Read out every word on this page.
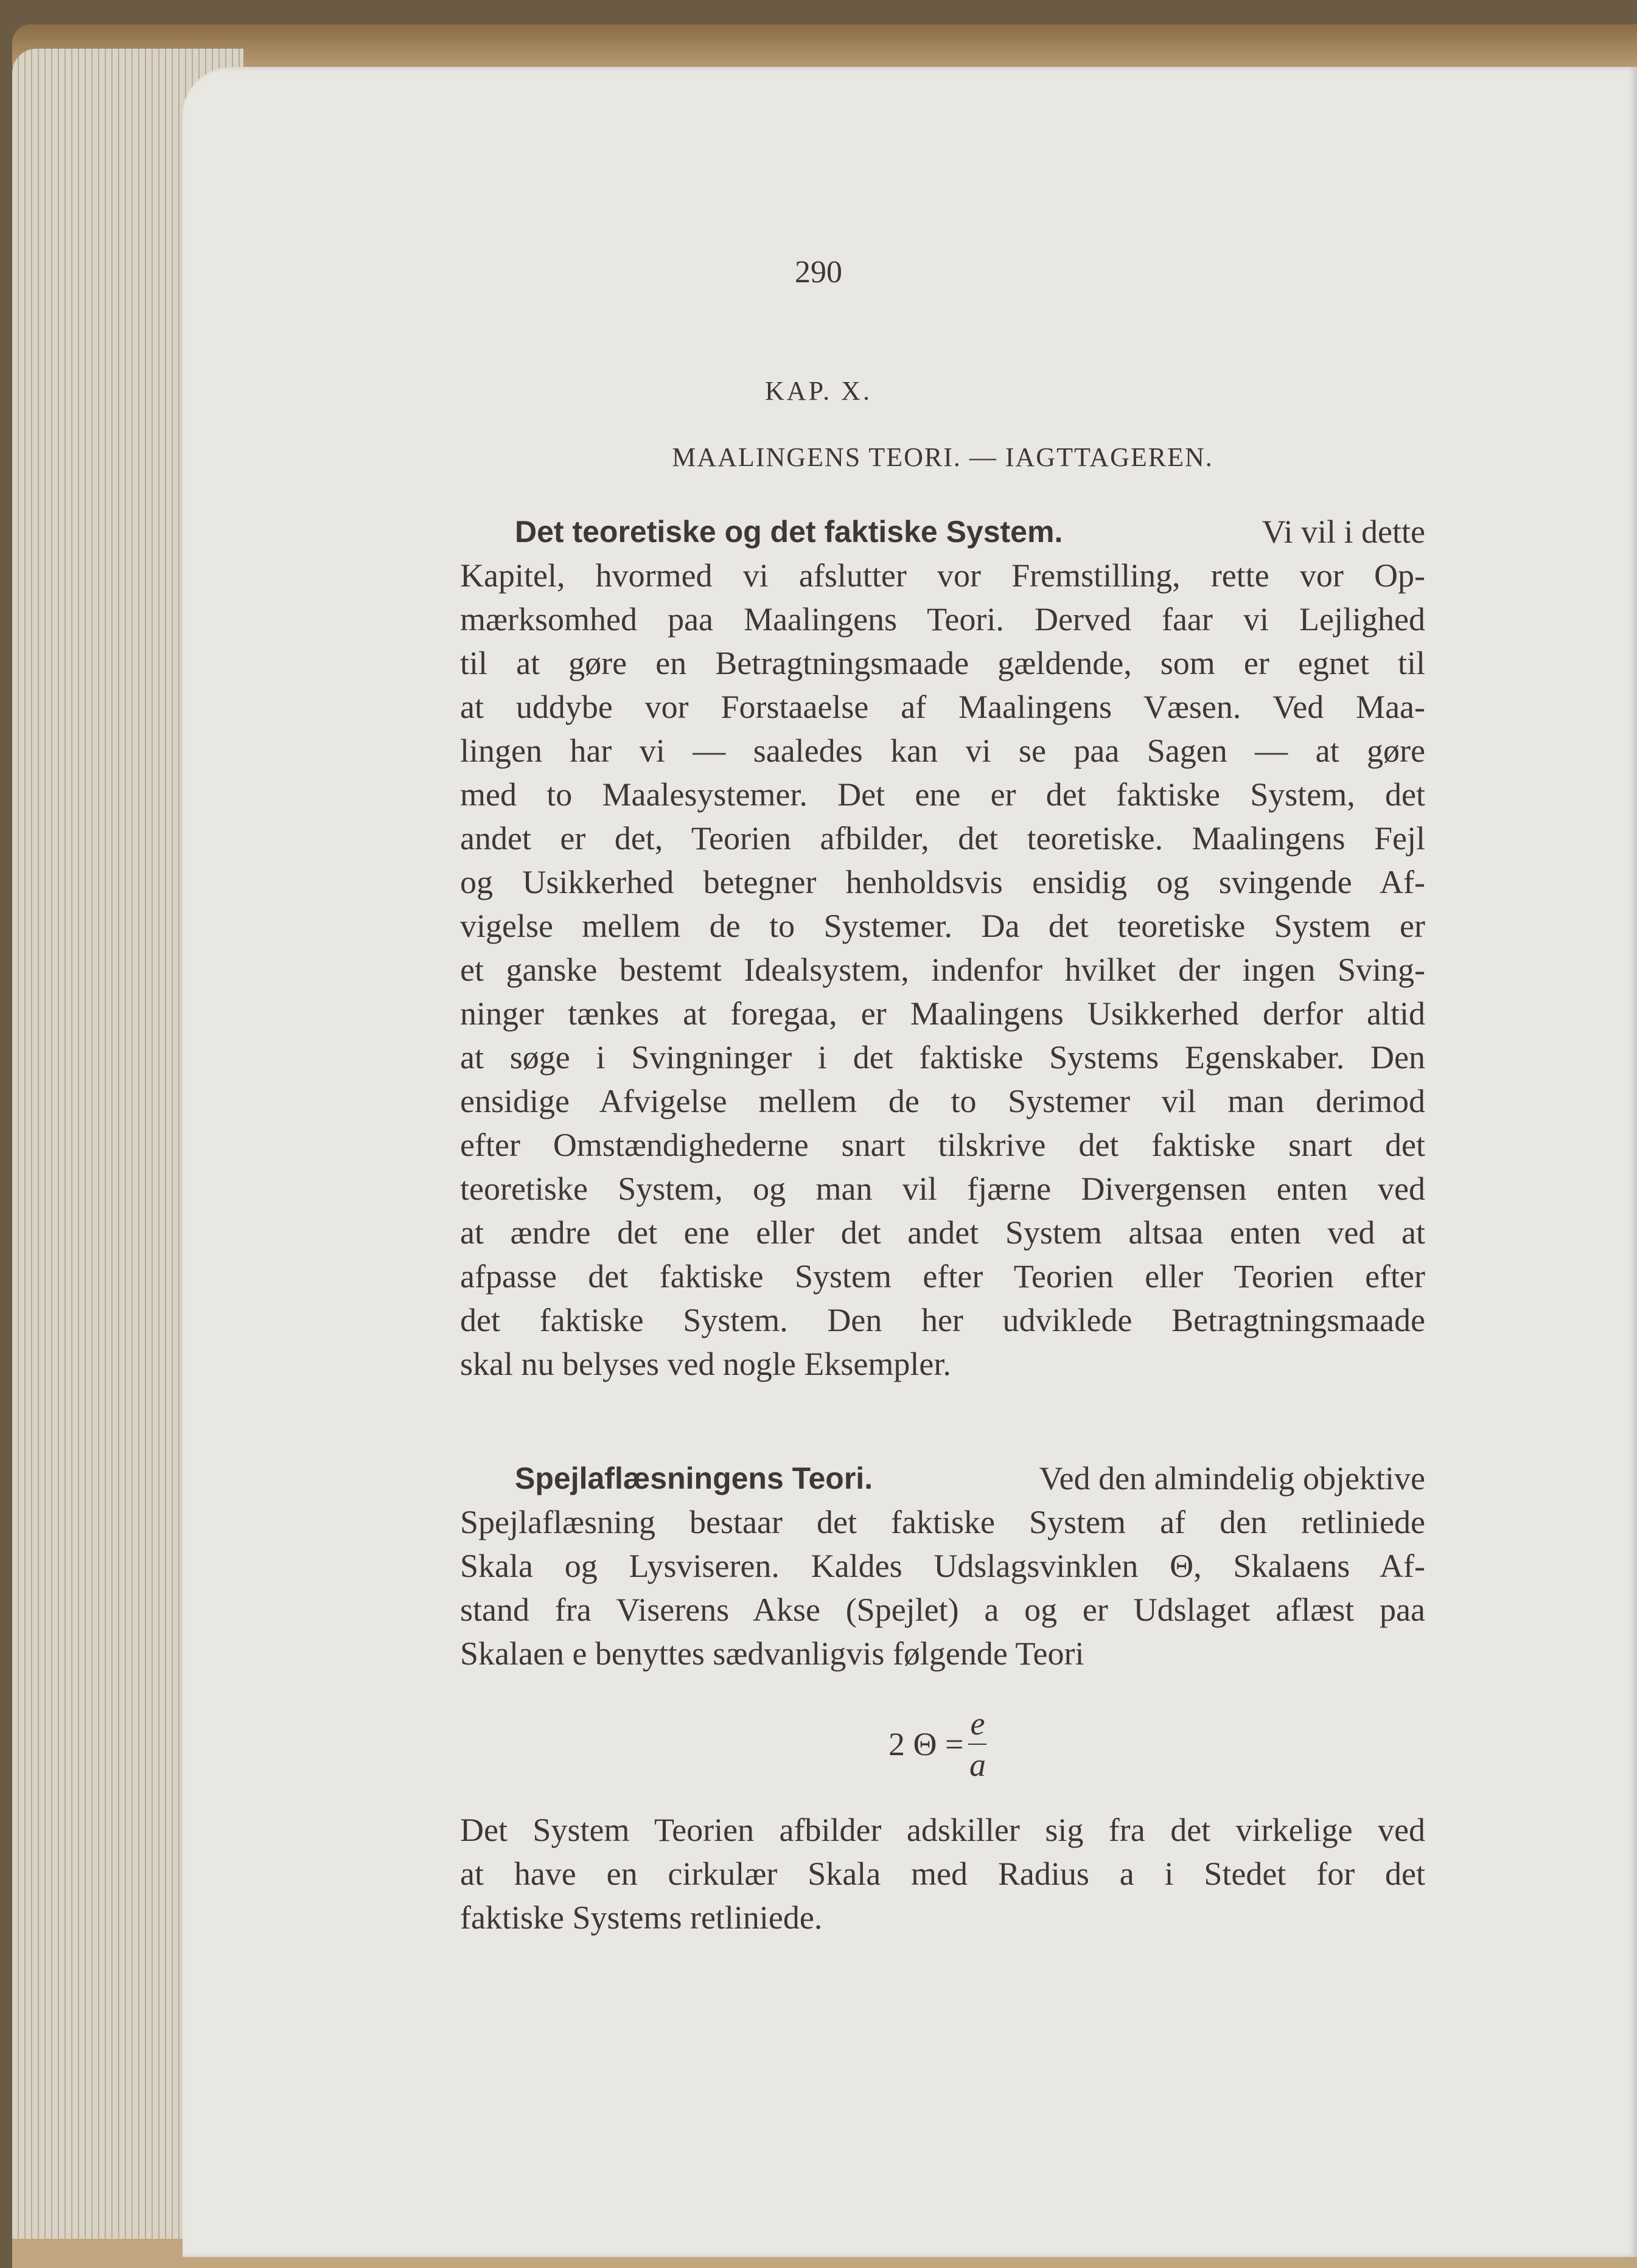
290
KAP. X.
MAALINGENS TEORI. — IAGTTAGEREN.
Det teoretiske og det faktiske System.	Vi vil i dette
Kapitel, hvormed vi afslutter vor Fremstilling, rette vor Op-
mærksomhed paa Maalingens Teori. Derved faar vi Lejlighed
til at gøre en Betragtningsmaade gældende, som er egnet til
at uddybe vor Forstaaelse af Maalingens Væsen. Ved Maa-
lingen har vi — saaledes kan vi se paa Sagen — at gøre
med to Maalesystemer. Det ene er det faktiske System, det
andet er det, Teorien afbilder, det teoretiske. Maalingens Fejl
og Usikkerhed betegner henholdsvis ensidig og svingende Af-
vigelse mellem de to Systemer. Da det teoretiske System er
et ganske bestemt Idealsystem, indenfor hvilket der ingen Sving-
ninger tænkes at foregaa, er Maalingens Usikkerhed derfor altid
at søge i Svingninger i det faktiske Systems Egenskaber. Den
ensidige Afvigelse mellem de to Systemer vil man derimod
efter Omstændighederne snart tilskrive det faktiske snart det
teoretiske System, og man vil fjærne Divergensen enten ved
at ændre det ene eller det andet System altsaa enten ved at
afpasse det faktiske System efter Teorien eller Teorien efter
det faktiske System. Den her udviklede Betragtningsmaade
skal nu belyses ved nogle Eksempler.
Spejlaflæsningens Teori.	Ved den almindelig objektive
Spejlaflæsning bestaar det faktiske System af den retliniede
Skala og Lysviseren. Kaldes Udslagsvinklen Θ, Skalaens Af-
stand fra Viserens Akse (Spejlet) a og er Udslaget aflæst paa
Skalaen e benyttes sædvanligvis følgende Teori
2 $\Theta = \frac{e}{a}$
Det System Teorien afbilder adskiller sig fra det virkelige ved
at have en cirkulær Skala med Radius a i Stedet for det
faktiske Systems retliniede.
